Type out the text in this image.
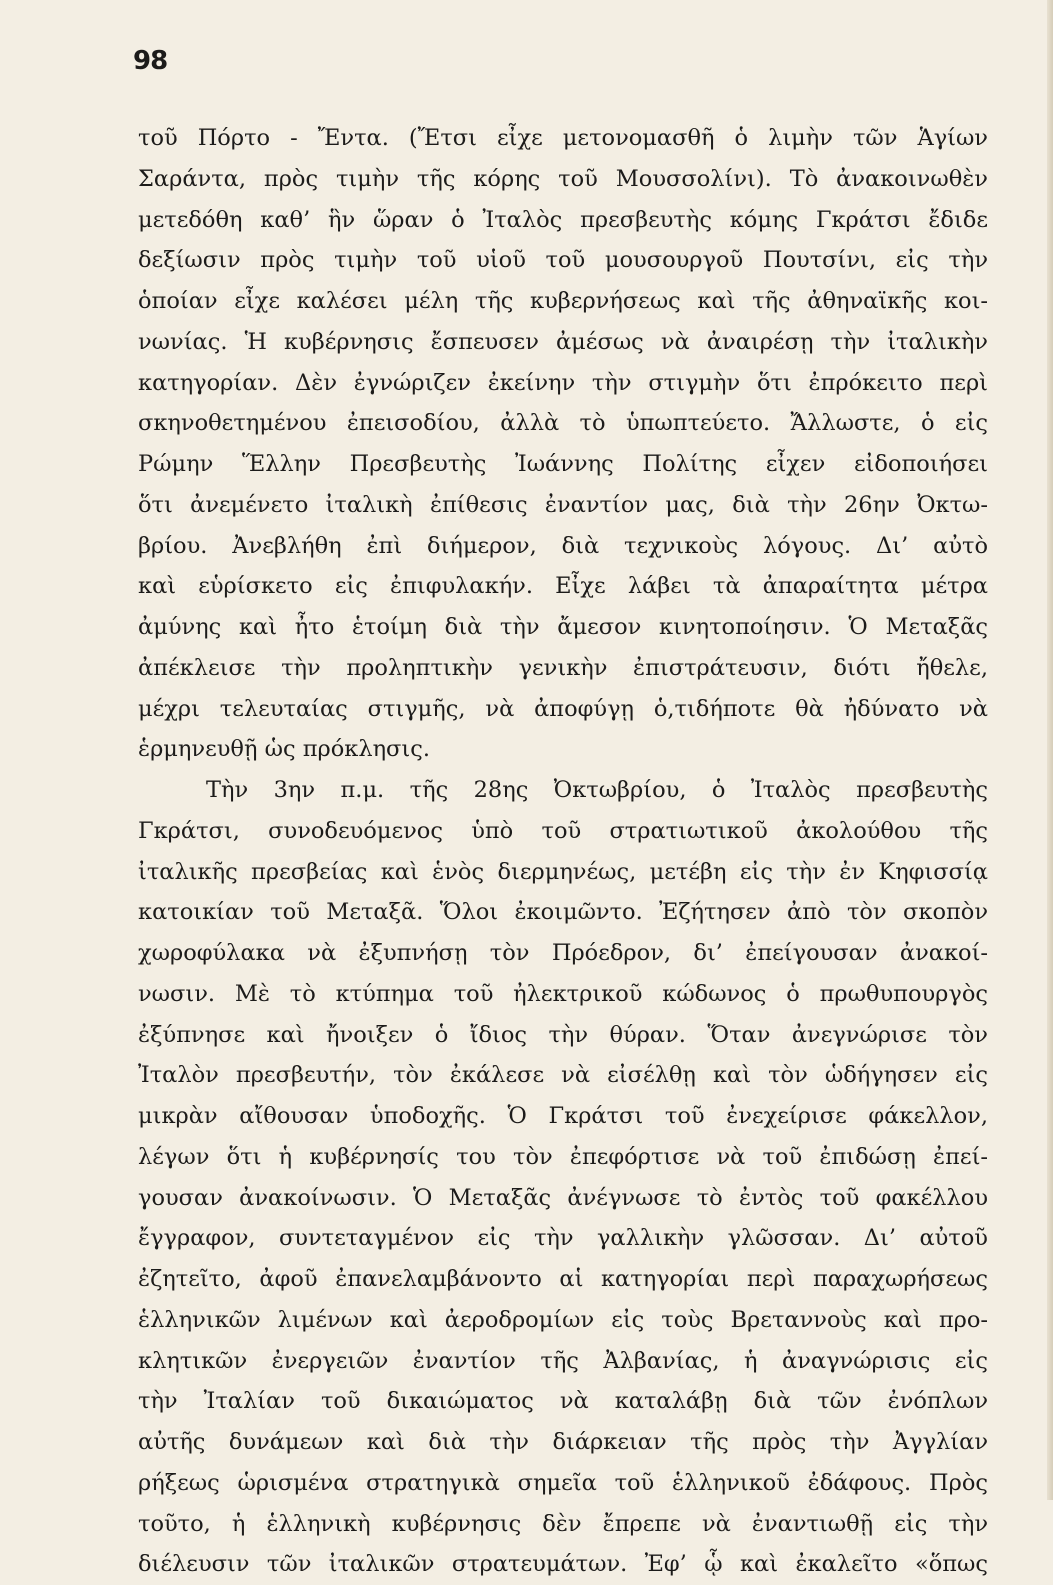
98
τοῦ Πόρτο - Ἔντα. (Ἔτσι εἶχε μετονομασθῆ ὁ λιμὴν τῶν Ἁγίων
Σαράντα, πρὸς τιμὴν τῆς κόρης τοῦ Μουσσολίνι). Τὸ ἀνακοινωθὲν
μετεδόθη καθ’ ἣν ὥραν ὁ Ἰταλὸς πρεσβευτὴς κόμης Γκράτσι ἔδιδε
δεξίωσιν πρὸς τιμὴν τοῦ υἱοῦ τοῦ μουσουργοῦ Πουτσίνι, εἰς τὴν
ὁποίαν εἶχε καλέσει μέλη τῆς κυβερνήσεως καὶ τῆς ἀθηναϊκῆς κοι-
νωνίας. Ἡ κυβέρνησις ἔσπευσεν ἀμέσως νὰ ἀναιρέσῃ τὴν ἰταλικὴν
κατηγορίαν. Δὲν ἐγνώριζεν ἐκείνην τὴν στιγμὴν ὅτι ἐπρόκειτο περὶ
σκηνοθετημένου ἐπεισοδίου, ἀλλὰ τὸ ὑπωπτεύετο. Ἄλλωστε, ὁ εἰς
Ρώμην Ἕλλην Πρεσβευτὴς Ἰωάννης Πολίτης εἶχεν εἰδοποιήσει
ὅτι ἀνεμένετο ἰταλικὴ ἐπίθεσις ἐναντίον μας, διὰ τὴν 26ην Ὀκτω-
βρίου. Ἀνεβλήθη ἐπὶ διήμερον, διὰ τεχνικοὺς λόγους. Δι’ αὐτὸ
καὶ εὑρίσκετο εἰς ἐπιφυλακήν. Εἶχε λάβει τὰ ἀπαραίτητα μέτρα
ἀμύνης καὶ ἦτο ἑτοίμη διὰ τὴν ἄμεσον κινητοποίησιν. Ὁ Μεταξᾶς
ἀπέκλεισε τὴν προληπτικὴν γενικὴν ἐπιστράτευσιν, διότι ἤθελε,
μέχρι τελευταίας στιγμῆς, νὰ ἀποφύγῃ ὁ,τιδήποτε θὰ ἠδύνατο νὰ
ἑρμηνευθῇ ὡς πρόκλησις.
Τὴν 3ην π.μ. τῆς 28ης Ὀκτωβρίου, ὁ Ἰταλὸς πρεσβευτὴς
Γκράτσι, συνοδευόμενος ὑπὸ τοῦ στρατιωτικοῦ ἀκολούθου τῆς
ἰταλικῆς πρεσβείας καὶ ἑνὸς διερμηνέως, μετέβη εἰς τὴν ἐν Κηφισσίᾳ
κατοικίαν τοῦ Μεταξᾶ. Ὅλοι ἐκοιμῶντο. Ἐζήτησεν ἀπὸ τὸν σκοπὸν
χωροφύλακα νὰ ἐξυπνήσῃ τὸν Πρόεδρον, δι’ ἐπείγουσαν ἀνακοί-
νωσιν. Μὲ τὸ κτύπημα τοῦ ἠλεκτρικοῦ κώδωνος ὁ πρωθυπουργὸς
ἐξύπνησε καὶ ἤνοιξεν ὁ ἴδιος τὴν θύραν. Ὅταν ἀνεγνώρισε τὸν
Ἰταλὸν πρεσβευτήν, τὸν ἐκάλεσε νὰ εἰσέλθῃ καὶ τὸν ὡδήγησεν εἰς
μικρὰν αἴθουσαν ὑποδοχῆς. Ὁ Γκράτσι τοῦ ἐνεχείρισε φάκελλον,
λέγων ὅτι ἡ κυβέρνησίς του τὸν ἐπεφόρτισε νὰ τοῦ ἐπιδώσῃ ἐπεί-
γουσαν ἀνακοίνωσιν. Ὁ Μεταξᾶς ἀνέγνωσε τὸ ἐντὸς τοῦ φακέλλου
ἔγγραφον, συντεταγμένον εἰς τὴν γαλλικὴν γλῶσσαν. Δι’ αὐτοῦ
ἐζητεῖτο, ἀφοῦ ἐπανελαμβάνοντο αἱ κατηγορίαι περὶ παραχωρήσεως
ἑλληνικῶν λιμένων καὶ ἀεροδρομίων εἰς τοὺς Βρεταννοὺς καὶ προ-
κλητικῶν ἐνεργειῶν ἐναντίον τῆς Ἀλβανίας, ἡ ἀναγνώρισις εἰς
τὴν Ἰταλίαν τοῦ δικαιώματος νὰ καταλάβῃ διὰ τῶν ἐνόπλων
αὐτῆς δυνάμεων καὶ διὰ τὴν διάρκειαν τῆς πρὸς τὴν Ἀγγλίαν
ρήξεως ὡρισμένα στρατηγικὰ σημεῖα τοῦ ἑλληνικοῦ ἐδάφους. Πρὸς
τοῦτο, ἡ ἑλληνικὴ κυβέρνησις δὲν ἔπρεπε νὰ ἐναντιωθῇ εἰς τὴν
διέλευσιν τῶν ἰταλικῶν στρατευμάτων. Ἐφ’ ᾧ καὶ ἐκαλεῖτο «ὅπως
